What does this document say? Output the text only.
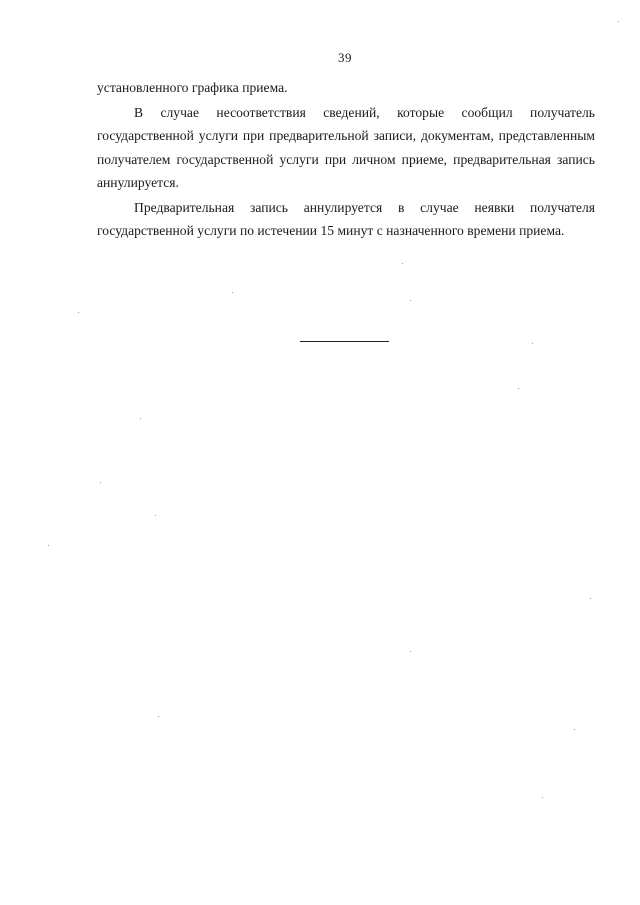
39

установленного графика приема.

В случае несоответствия сведений, которые сообщил получатель государственной услуги при предварительной записи, документам, представленным получателем государственной услуги при личном приеме, предварительная запись аннулируется.

Предварительная запись аннулируется в случае неявки получателя государственной услуги по истечении 15 минут с назначенного времени приема.
